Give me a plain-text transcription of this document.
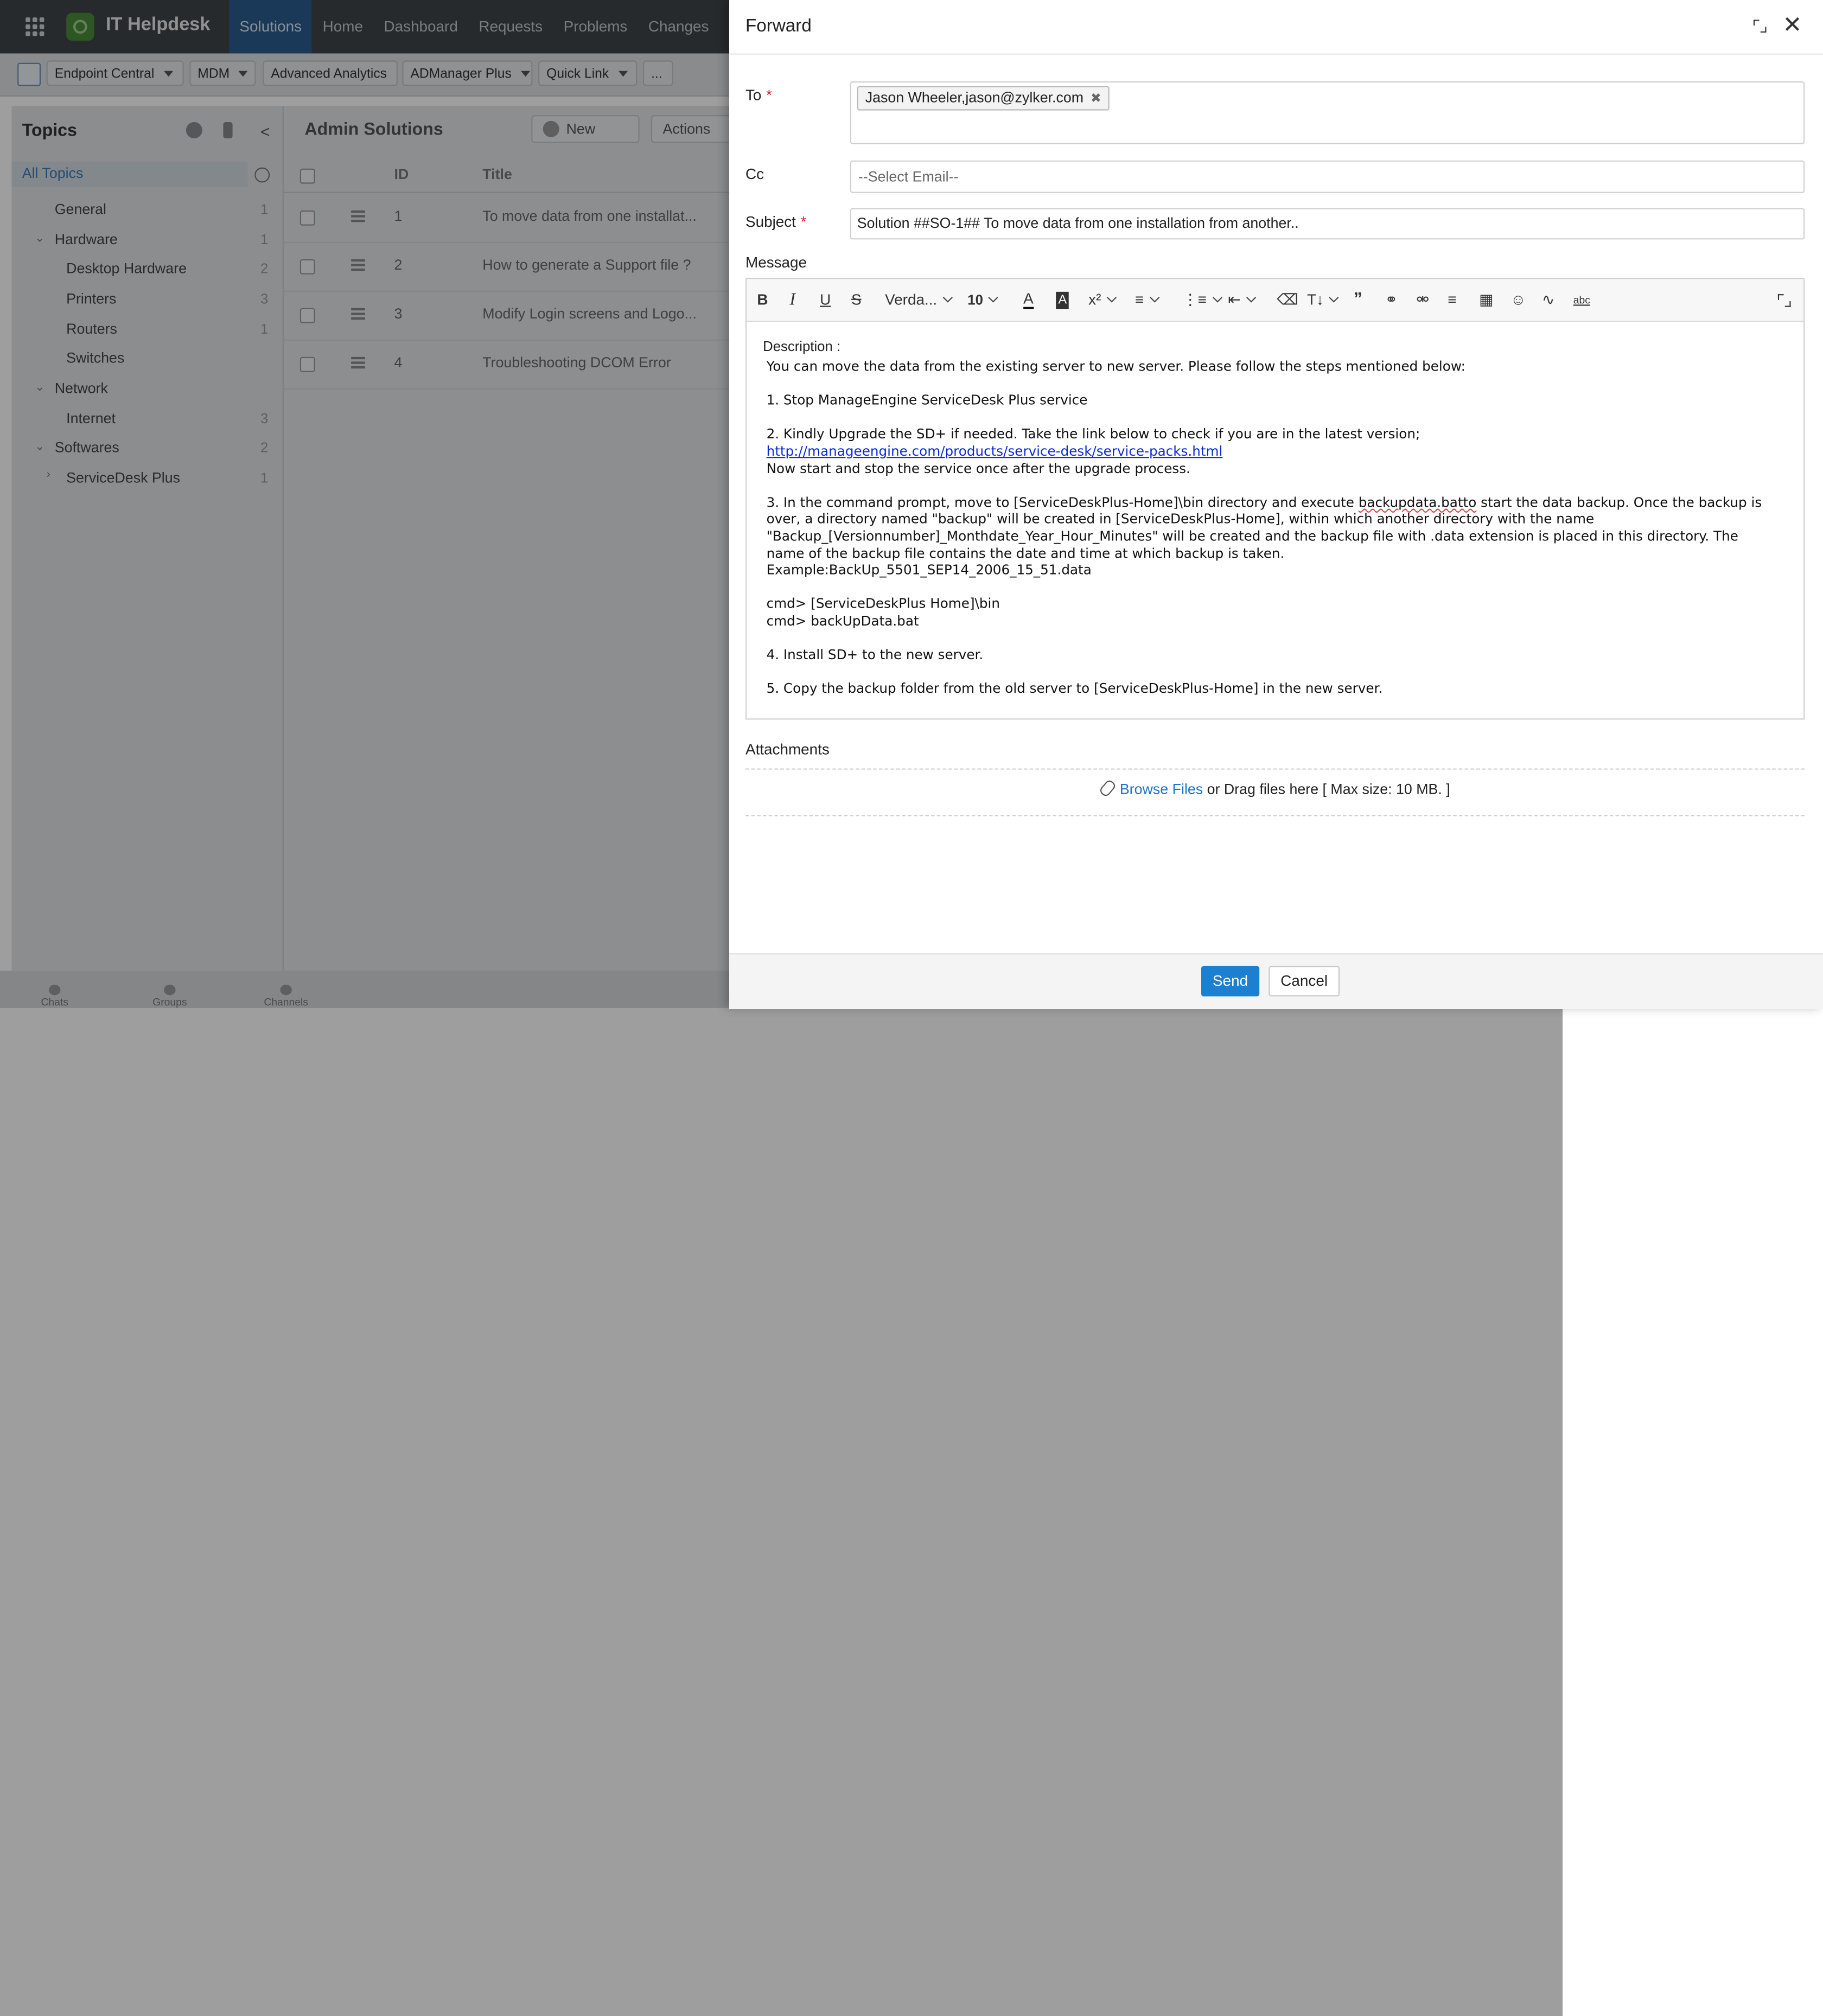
IT Helpdesk	Solutions	Home	Dashboard	Requests	Problems	Changes
Endpoint Central	MDM	Advanced Analytics	ADManager Plus	Quick Link	...
Topics	<
All Topics
General	1
⌄ Hardware	1
Desktop Hardware	2
Printers	3
Routers	1
Switches
⌄ Network
Internet	3
⌄ Softwares	2
› ServiceDesk Plus	1
Admin Solutions	New	Actions
ID	Title
1	To move data from one installat...
2	How to generate a Support file ?
3	Modify Login screens and Logo...
4	Troubleshooting DCOM Error
Chats	Groups	Channels
Forward	✕
To *	Jason Wheeler,jason@zylker.com ✖
Cc	--Select Email--
Subject *	Solution ##SO-1## To move data from one installation from another..
Message
B	I	U	S	Verda...	10	A	A	x²	≡	⋮≡	⇤	⌫ T↓	”	⚭	⚮	≡	▦ ☺ ∿	abc
Description :

You can move the data from the existing server to new server. Please follow the steps mentioned below:

1. Stop ManageEngine ServiceDesk Plus service

2. Kindly Upgrade the SD+ if needed. Take the link below to check if you are in the latest version;

http://manageengine.com/products/service-desk/service-packs.html

Now start and stop the service once after the upgrade process.

3. In the command prompt, move to [ServiceDeskPlus-Home]\bin directory and execute backupdata.batto start the data backup. Once the backup is over, a directory named "backup" will be created in [ServiceDeskPlus-Home], within which another directory with the name "Backup_[Versionnumber]_Monthdate_Year_Hour_Minutes" will be created and the backup file with .data extension is placed in this directory. The name of the backup file contains the date and time at which backup is taken.

Example:BackUp_5501_SEP14_2006_15_51.data

cmd> [ServiceDeskPlus Home]\bin

cmd> backUpData.bat

4. Install SD+ to the new server.

5. Copy the backup folder from the old server to [ServiceDeskPlus-Home] in the new server.

Attachments
Browse Files or Drag files here [ Max size: 10 MB. ]
Send	Cancel
